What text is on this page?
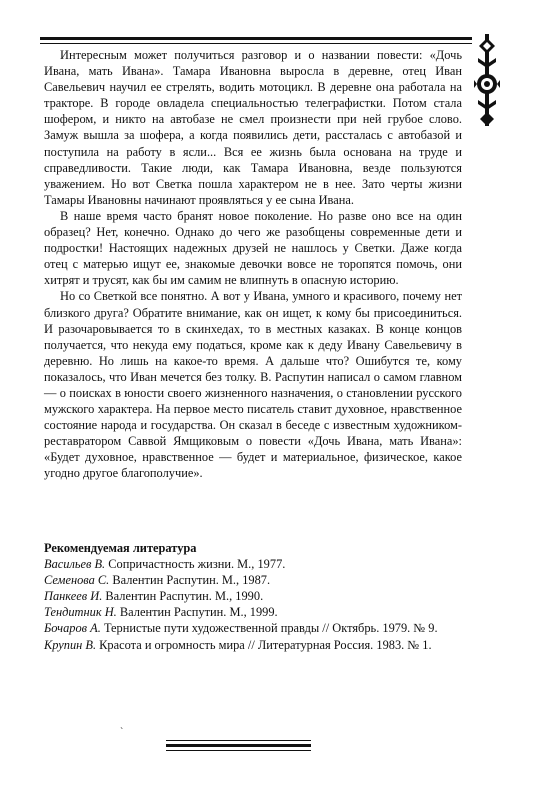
Интересным может получиться разговор и о названии повести: «Дочь Ивана, мать Ивана». Тамара Ивановна выросла в деревне, отец Иван Савельевич научил ее стрелять, водить мотоцикл. В деревне она работала на тракторе. В городе овладела специальностью телеграфистки. Потом стала шофером, и никто на автобазе не смел произнести при ней грубое слово. Замуж вышла за шофера, а когда появились дети, рассталась с автобазой и поступила на работу в ясли... Вся ее жизнь была основана на труде и справедливости. Такие люди, как Тамара Ивановна, везде пользуются уважением. Но вот Светка пошла характером не в нее. Зато черты жизни Тамары Ивановны начинают проявляться у ее сына Ивана.

В наше время часто бранят новое поколение. Но разве оно все на один образец? Нет, конечно. Однако до чего же разобщены современные дети и подростки! Настоящих надежных друзей не нашлось у Светки. Даже когда отец с матерью ищут ее, знакомые девочки вовсе не торопятся помочь, они хитрят и трусят, как бы им самим не влипнуть в опасную историю.

Но со Светкой все понятно. А вот у Ивана, умного и красивого, почему нет близкого друга? Обратите внимание, как он ищет, к кому бы присоединиться. И разочаровывается то в скинхедах, то в местных казаках. В конце концов получается, что некуда ему податься, кроме как к деду Ивану Савельевичу в деревню. Но лишь на какое-то время. А дальше что? Ошибутся те, кому показалось, что Иван мечется без толку. В. Распутин написал о самом главном — о поисках в юности своего жизненного назначения, о становлении русского мужского характера. На первое место писатель ставит духовное, нравственное состояние народа и государства. Он сказал в беседе с известным художником-реставратором Саввой Ямщиковым о повести «Дочь Ивана, мать Ивана»: «Будет духовное, нравственное — будет и материальное, физическое, какое угодно другое благополучие».

Рекомендуемая литература

Васильев В. Сопричастность жизни. М., 1977.

Семенова С. Валентин Распутин. М., 1987.

Панкеев И. Валентин Распутин. М., 1990.

Тендитник Н. Валентин Распутин. М., 1999.

Бочаров А. Тернистые пути художественной правды // Октябрь. 1979. № 9.

Крупин В. Красота и огромность мира // Литературная Россия. 1983. № 1.

`
